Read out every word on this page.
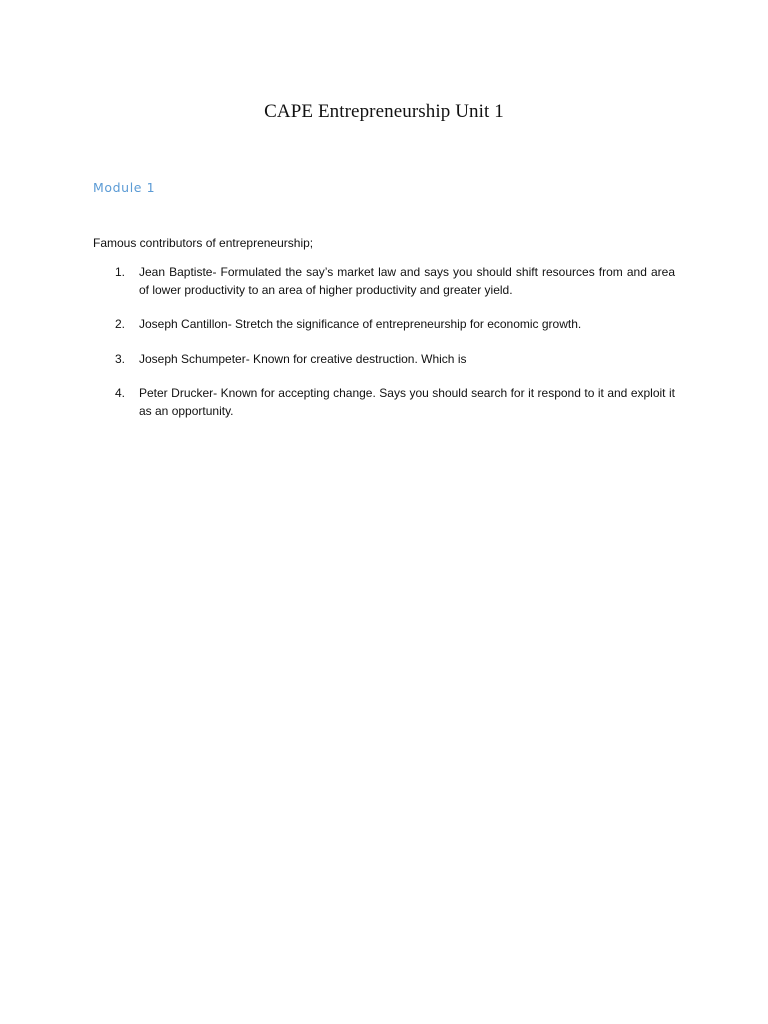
CAPE Entrepreneurship Unit 1
Module 1
Famous contributors of entrepreneurship;
1. Jean Baptiste- Formulated the say’s market law and says you should shift resources from and area of lower productivity to an area of higher productivity and greater yield.
2. Joseph Cantillon- Stretch the significance of entrepreneurship for economic growth.
3. Joseph Schumpeter- Known for creative destruction. Which is
4. Peter Drucker- Known for accepting change. Says you should search for it respond to it and exploit it as an opportunity.
